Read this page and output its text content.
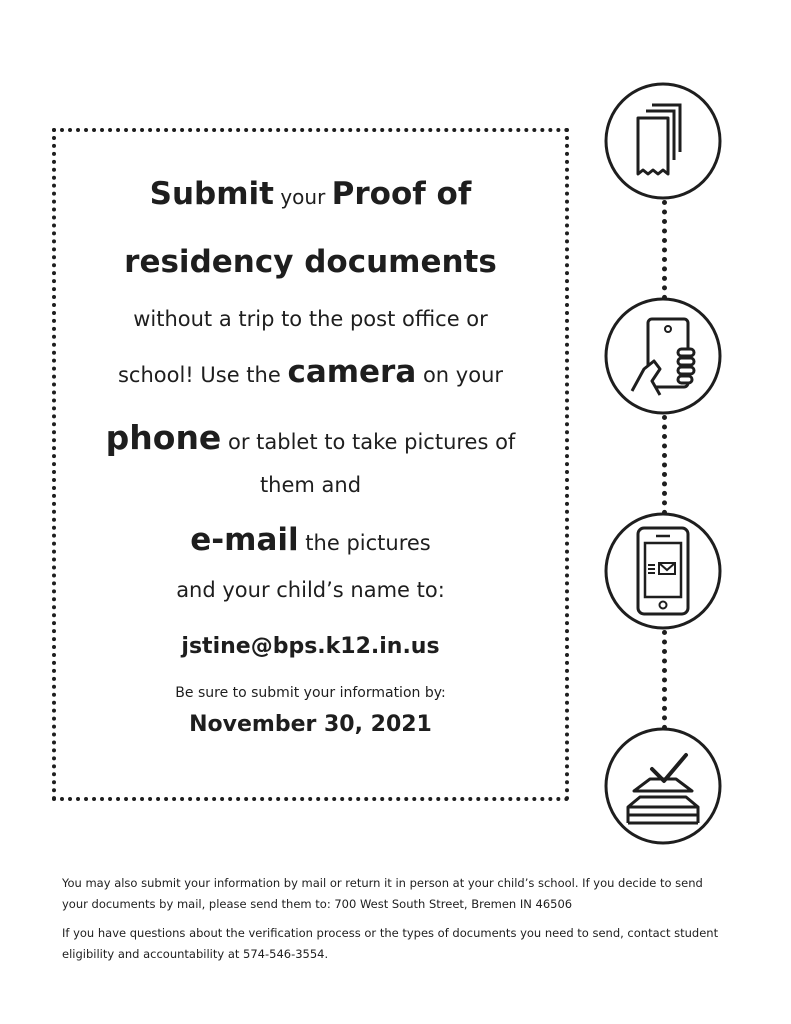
Submit your Proof of
residency documents
without a trip to the post office or
school! Use the camera on your
phone or tablet to take pictures of
them and
e-mail the pictures
and your child’s name to:
jstine@bps.k12.in.us
Be sure to submit your information by:
November 30, 2021
You may also submit your information by mail or return it in person at your child’s school. If you decide to send your documents by mail, please send them to: 700 West South Street, Bremen IN 46506
If you have questions about the verification process or the types of documents you need to send, contact student eligibility and accountability at 574-546-3554.
